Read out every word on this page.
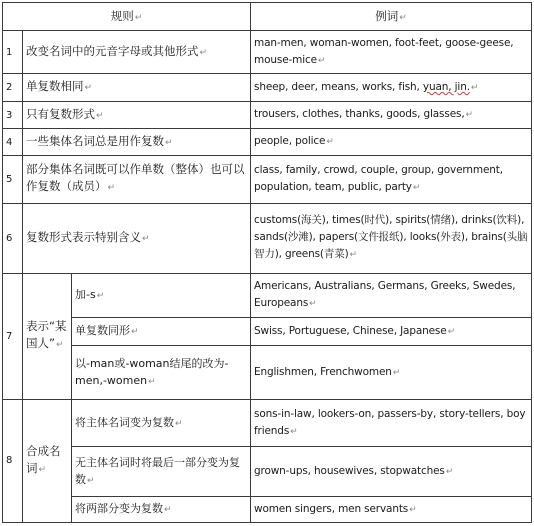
规则↵			例词↵
1	改变名词中的元音字母或其他形式↵		man-men, woman-women, foot-feet, goose-geese, mouse-mice↵
2	单复数相同↵		sheep, deer, means, works, fish, yuan, jin.↵
3	只有复数形式↵		trousers, clothes, thanks, goods, glasses,↵
4	一些集体名词总是用作复数↵		people, police↵
5	部分集体名词既可以作单数（整体）也可以作复数（成员）↵		class, family, crowd, couple, group, government, population, team, public, party↵
6	复数形式表示特别含义↵		customs(海关), times(时代), spirits(情绪), drinks(饮料), sands(沙滩), papers(文件报纸), looks(外表), brains(头脑智力), greens(青菜)↵
7	表示“某国人”↵	加-s↵	Americans, Australians, Germans, Greeks, Swedes, Europeans↵
		单复数同形↵	Swiss, Portuguese, Chinese, Japanese↵
		以-man或-woman结尾的改为-men,-women↵	Englishmen, Frenchwomen↵
8	合成名词↵	将主体名词变为复数↵	sons-in-law, lookers-on, passers-by, story-tellers, boy friends↵
		无主体名词时将最后一部分变为复数↵	grown-ups, housewives, stopwatches↵
		将两部分变为复数↵	women singers, men servants↵
